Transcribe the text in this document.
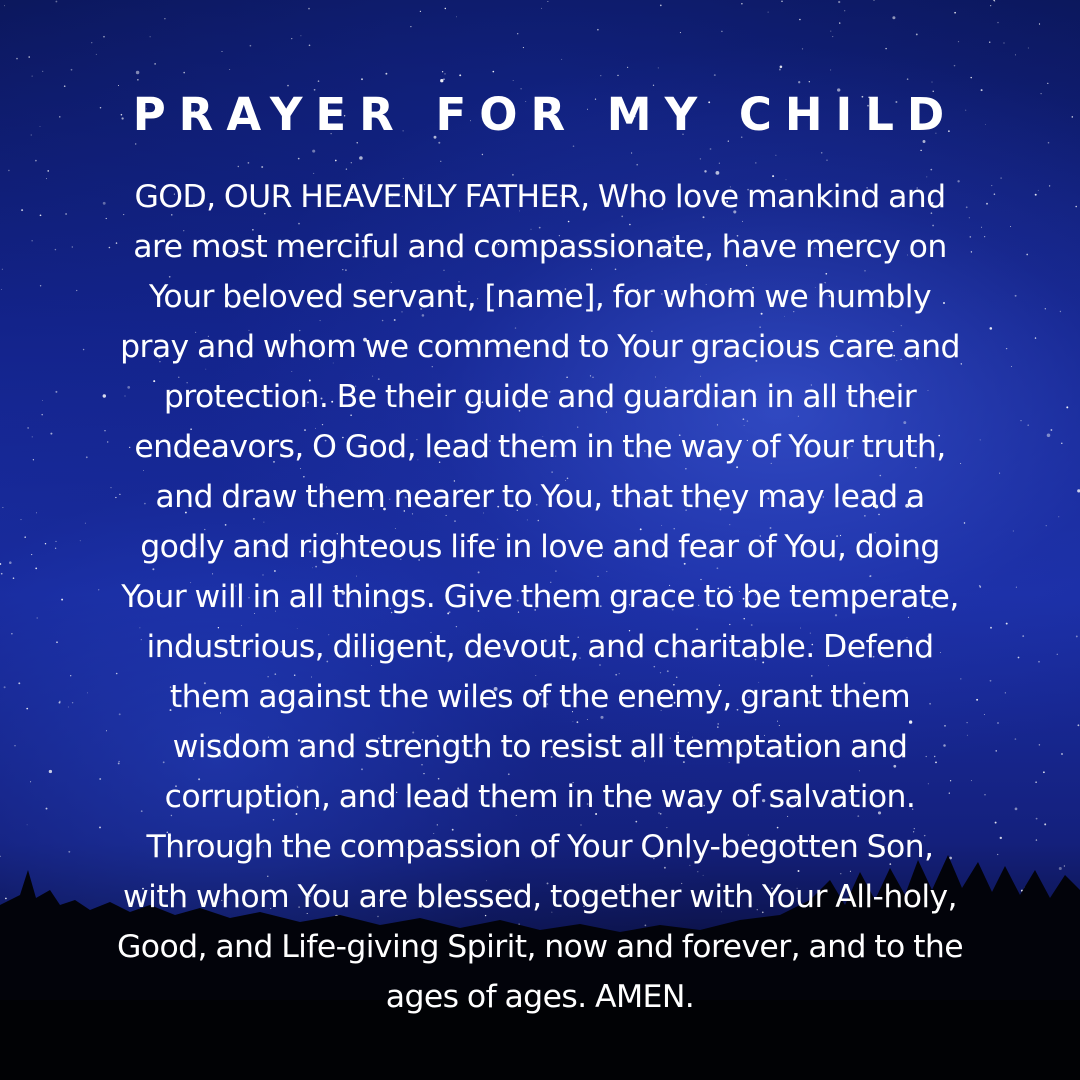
PRAYER FOR MY CHILD
GOD, OUR HEAVENLY FATHER, Who love mankind and
are most merciful and compassionate, have mercy on
Your beloved servant, [name], for whom we humbly
pray and whom we commend to Your gracious care and
protection. Be their guide and guardian in all their
endeavors, O God, lead them in the way of Your truth,
and draw them nearer to You, that they may lead a
godly and righteous life in love and fear of You, doing
Your will in all things. Give them grace to be temperate,
industrious, diligent, devout, and charitable. Defend
them against the wiles of the enemy, grant them
wisdom and strength to resist all temptation and
corruption, and lead them in the way of salvation.
Through the compassion of Your Only-begotten Son,
with whom You are blessed, together with Your All-holy,
Good, and Life-giving Spirit, now and forever, and to the
ages of ages. AMEN.
